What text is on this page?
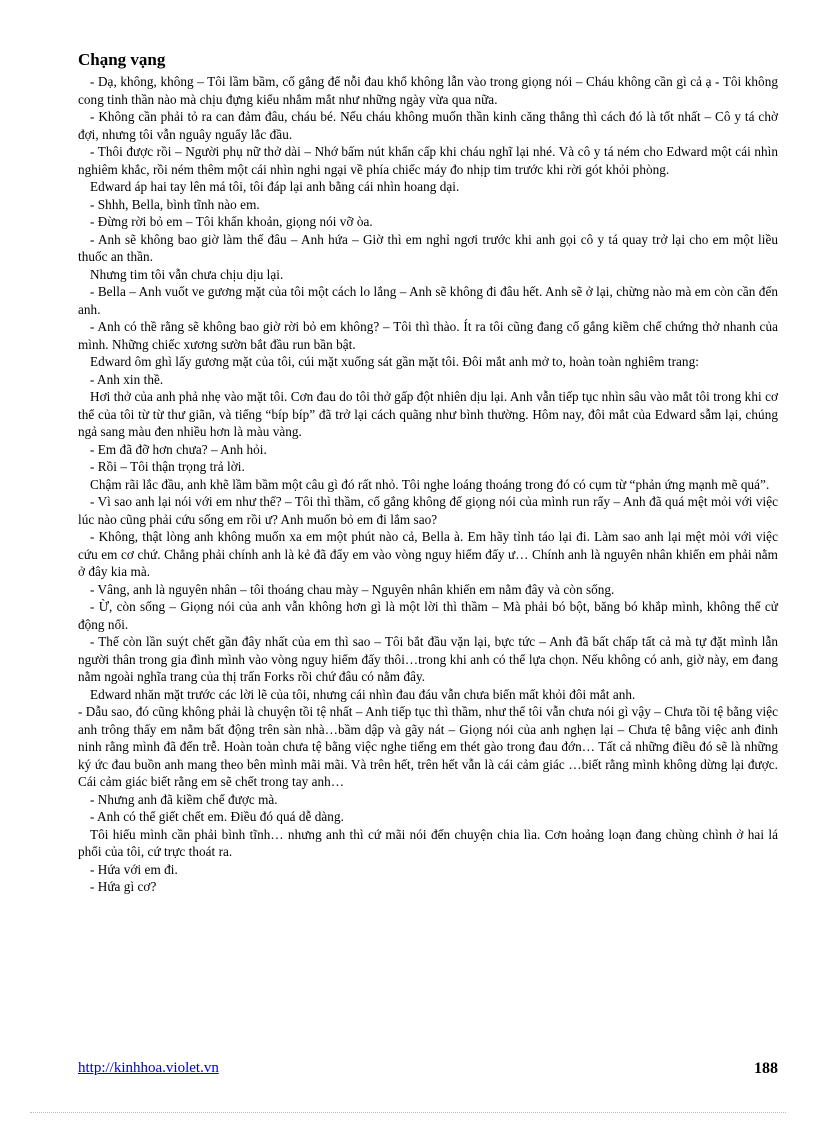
Chạng vạng

- Dạ, không, không – Tôi lầm bầm, cố gắng để nỗi đau khổ không lẫn vào trong giọng nói – Cháu không cần gì cả ạ - Tôi không cong tinh thần nào mà chịu đựng kiểu nhắm mắt như những ngày vừa qua nữa.

- Không cần phải tỏ ra can đảm đâu, cháu bé. Nếu cháu không muốn thần kinh căng thẳng thì cách đó là tốt nhất – Cô y tá chờ đợi, nhưng tôi vẫn nguây nguẩy lắc đầu.

- Thôi được rồi – Người phụ nữ thở dài – Nhớ bấm nút khẩn cấp khi cháu nghĩ lại nhé. Và cô y tá ném cho Edward một cái nhìn nghiêm khắc, rồi ném thêm một cái nhìn nghi ngại về phía chiếc máy đo nhịp tim trước khi rời gót khỏi phòng.

Edward áp hai tay lên má tôi, tôi đáp lại anh bằng cái nhìn hoang dại.

- Shhh, Bella, bình tĩnh nào em.

- Đừng rời bỏ em – Tôi khẩn khoản, giọng nói vỡ òa.

- Anh sẽ không bao giờ làm thế đâu – Anh hứa – Giờ thì em nghỉ ngơi trước khi anh gọi cô y tá quay trở lại cho em một liều thuốc an thần.

Nhưng tim tôi vẫn chưa chịu dịu lại.

- Bella – Anh vuốt ve gương mặt của tôi một cách lo lắng – Anh sẽ không đi đâu hết. Anh sẽ ở lại, chừng nào mà em còn cần đến anh.

- Anh có thề rằng sẽ không bao giờ rời bỏ em không? – Tôi thì thào. Ít ra tôi cũng đang cố gắng kiềm chế chứng thở nhanh của mình. Những chiếc xương sườn bắt đầu run bần bật.

Edward ôm ghì lấy gương mặt của tôi, cúi mặt xuống sát gần mặt tôi. Đôi mắt anh mở to, hoàn toàn nghiêm trang:

- Anh xin thề.

Hơi thở của anh phả nhẹ vào mặt tôi. Cơn đau do tôi thở gấp đột nhiên dịu lại. Anh vẫn tiếp tục nhìn sâu vào mắt tôi trong khi cơ thể của tôi từ từ thư giãn, và tiếng “bíp bíp” đã trở lại cách quãng như bình thường. Hôm nay, đôi mắt của Edward sẫm lại, chúng ngả sang màu đen nhiều hơn là màu vàng.

- Em đã đỡ hơn chưa? – Anh hỏi.

- Rồi – Tôi thận trọng trả lời.

Chậm rãi lắc đầu, anh khẽ lầm bầm một câu gì đó rất nhỏ. Tôi nghe loáng thoáng trong đó có cụm từ “phản ứng mạnh mẽ quá”.

- Vì sao anh lại nói với em như thế? – Tôi thì thầm, cố gắng không để giọng nói của mình run rẩy – Anh đã quá mệt mỏi với việc lúc nào cũng phải cứu sống em rồi ư? Anh muốn bỏ em đi lắm sao?

- Không, thật lòng anh không muốn xa em một phút nào cả, Bella à. Em hãy tỉnh táo lại đi. Làm sao anh lại mệt mỏi với việc cứu em cơ chứ. Chẳng phải chính anh là kẻ đã đẩy em vào vòng nguy hiểm đấy ư… Chính anh là nguyên nhân khiến em phải nằm ở đây kia mà.

- Vâng, anh là nguyên nhân – tôi thoáng chau mày – Nguyên nhân khiến em nằm đây và còn sống.

- Ừ, còn sống – Giọng nói của anh vẫn không hơn gì là một lời thì thầm – Mà phải bó bột, băng bó khắp mình, không thể cử động nổi.

- Thế còn lần suýt chết gần đây nhất của em thì sao – Tôi bắt đầu vặn lại, bực tức – Anh đã bất chấp tất cả mà tự đặt mình lẫn người thân trong gia đình mình vào vòng nguy hiểm đấy thôi…trong khi anh có thể lựa chọn. Nếu không có anh, giờ này, em đang nằm ngoài nghĩa trang của thị trấn Forks rồi chứ đâu có nằm đây.

Edward nhăn mặt trước các lời lẽ của tôi, nhưng cái nhìn đau đáu vẫn chưa biến mất khỏi đôi mắt anh.

- Dẫu sao, đó cũng không phải là chuyện tồi tệ nhất – Anh tiếp tục thì thầm, như thể tôi vẫn chưa nói gì vậy – Chưa tồi tệ bằng việc anh trông thấy em nằm bất động trên sàn nhà…bầm dập và gãy nát – Giọng nói của anh nghẹn lại – Chưa tệ bằng việc anh đinh ninh rằng mình đã đến trễ. Hoàn toàn chưa tệ bằng việc nghe tiếng em thét gào trong đau đớn… Tất cả những điều đó sẽ là những ký ức đau buồn anh mang theo bên mình mãi mãi. Và trên hết, trên hết vẫn là cái cảm giác …biết rằng mình không dừng lại được. Cái cảm giác biết rằng em sẽ chết trong tay anh…

- Nhưng anh đã kiềm chế được mà.

- Anh có thể giết chết em. Điều đó quá dễ dàng.

Tôi hiểu mình cần phải bình tĩnh… nhưng anh thì cứ mãi nói đến chuyện chia lìa. Cơn hoảng loạn đang chùng chình ở hai lá phổi của tôi, cứ trực thoát ra.

- Hứa với em đi.

- Hứa gì cơ?

http://kinhhoa.violet.vn	188
